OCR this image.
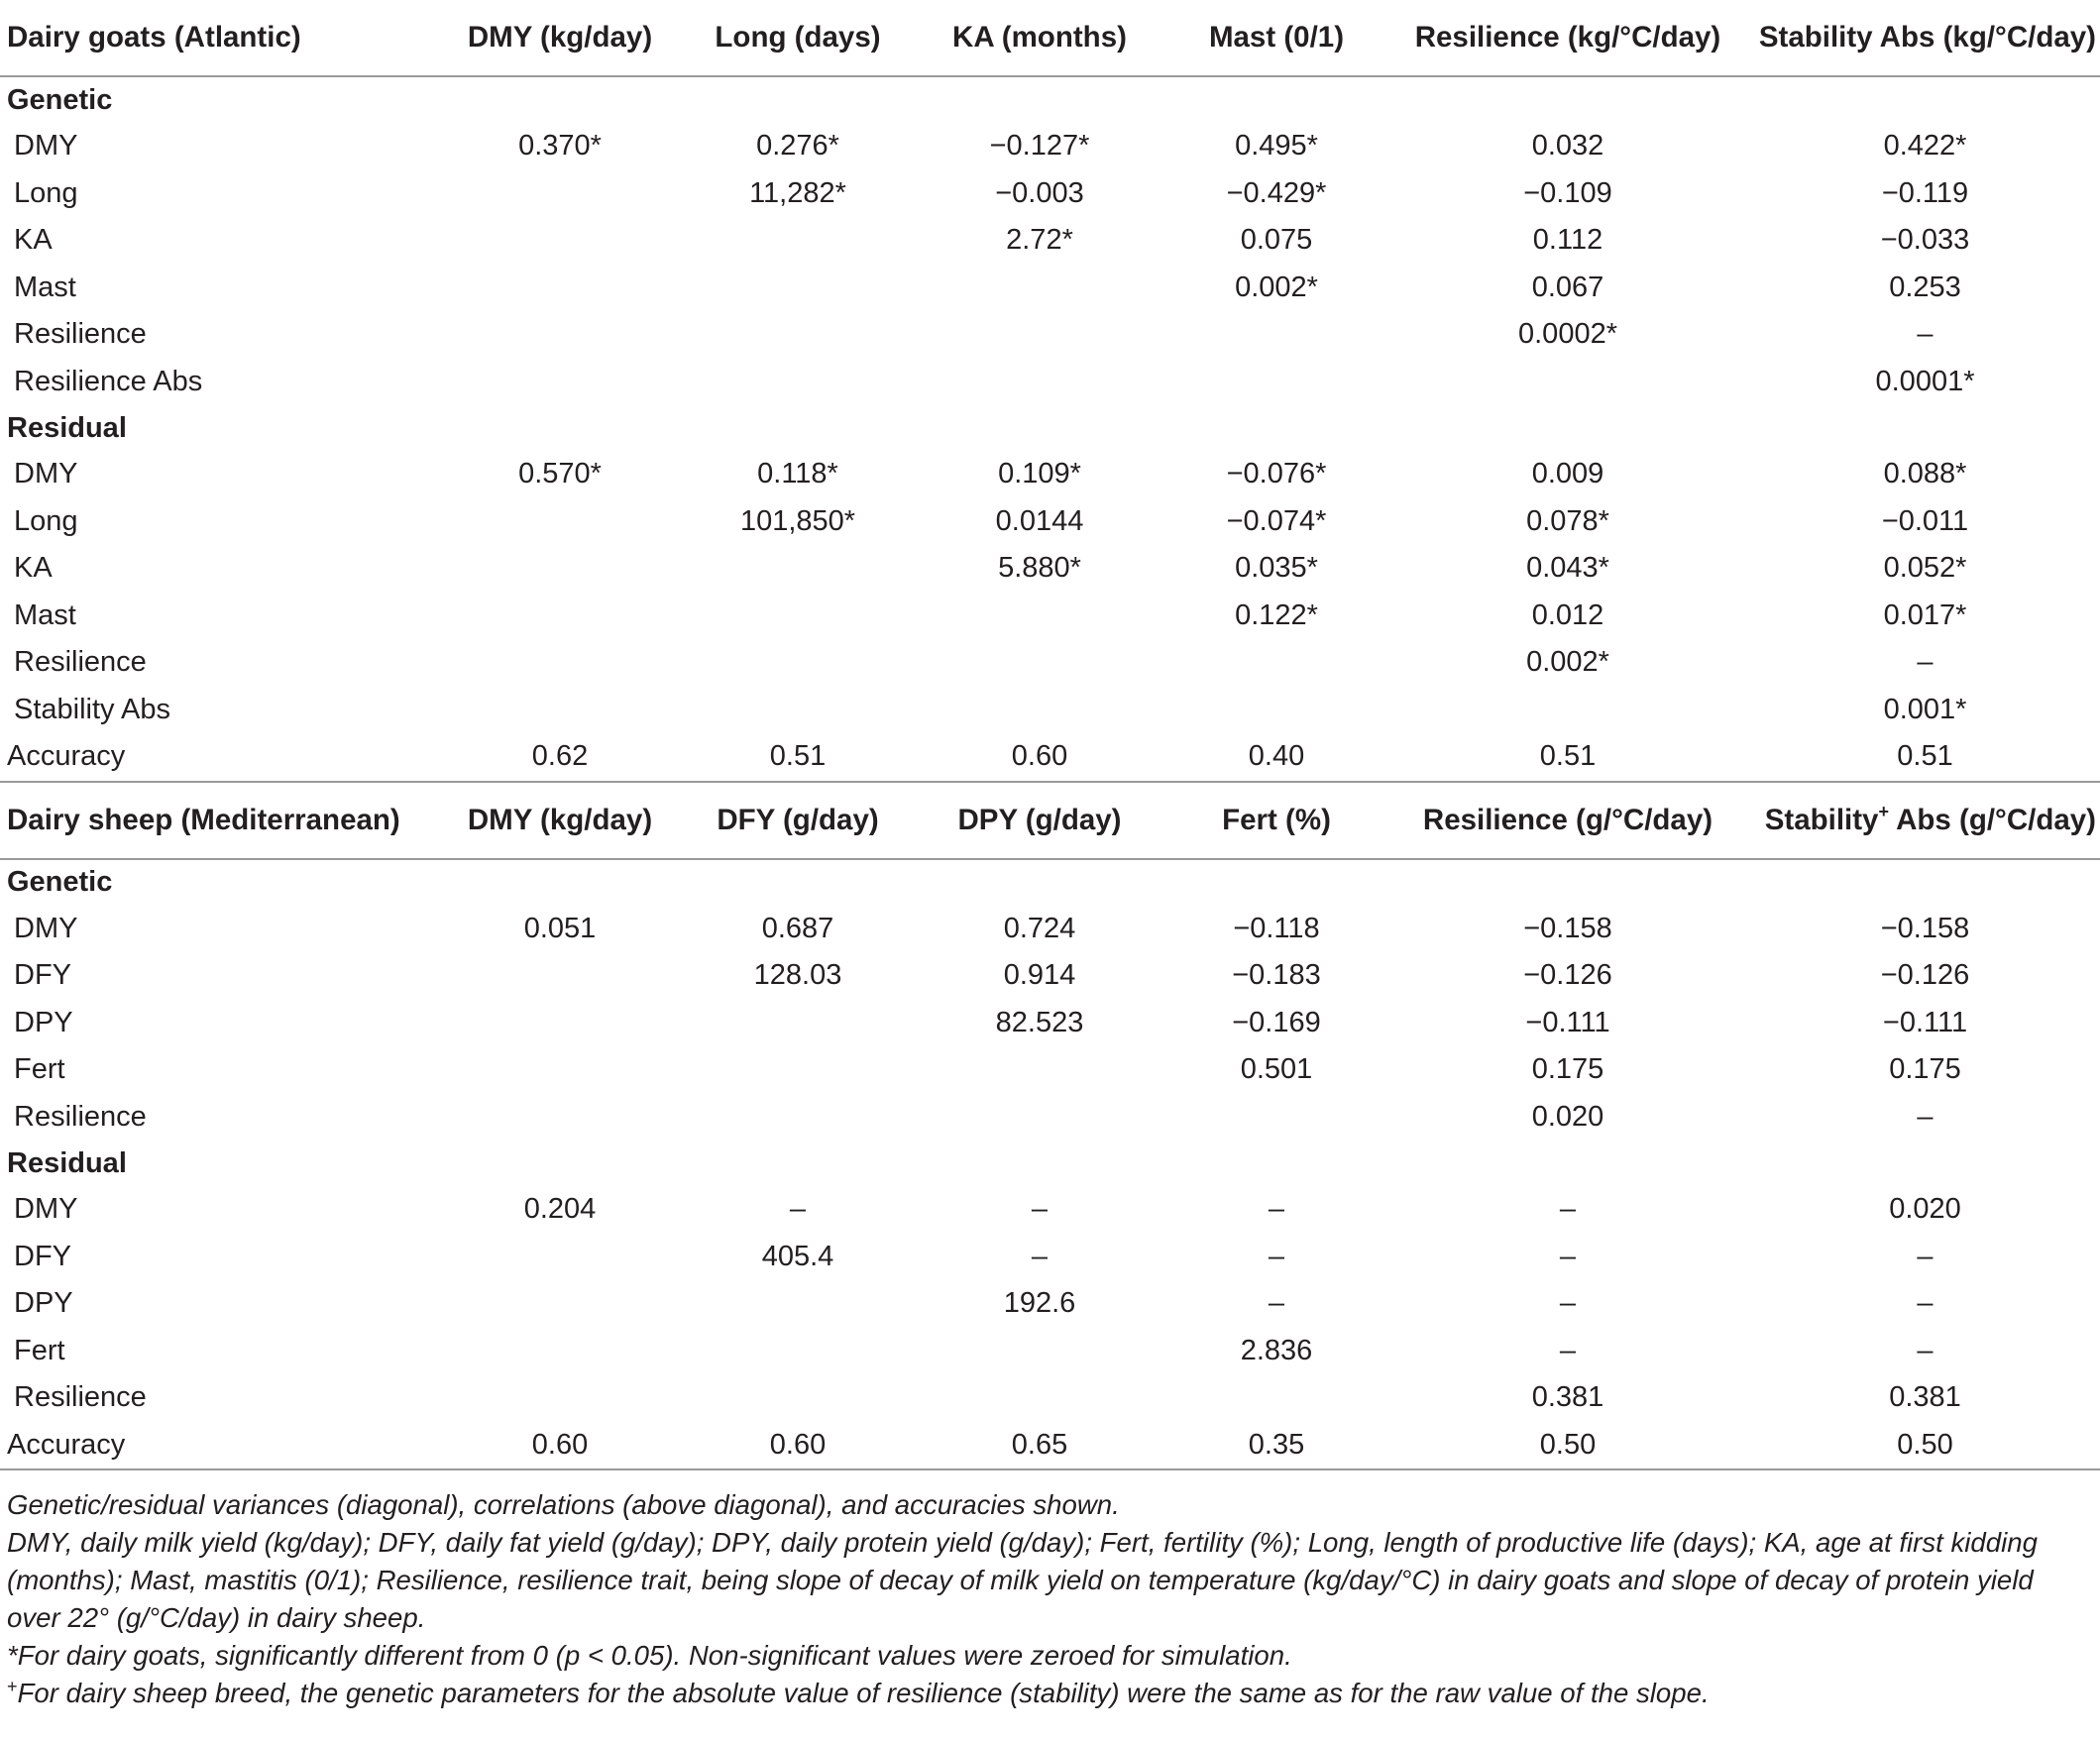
Dairy goats (Atlantic)	DMY (kg/day)	Long (days)	KA (months)	Mast (0/1)	Resilience (kg/°C/day)	Stability Abs (kg/°C/day)
Genetic						
DMY	0.370*	0.276*	−0.127*	0.495*	0.032	0.422*
Long		11,282*	−0.003	−0.429*	−0.109	−0.119
KA			2.72*	0.075	0.112	−0.033
Mast				0.002*	0.067	0.253
Resilience					0.0002*	–
Resilience Abs						0.0001*
Residual						
DMY	0.570*	0.118*	0.109*	−0.076*	0.009	0.088*
Long		101,850*	0.0144	−0.074*	0.078*	−0.011
KA			5.880*	0.035*	0.043*	0.052*
Mast				0.122*	0.012	0.017*
Resilience					0.002*	–
Stability Abs						0.001*
Accuracy	0.62	0.51	0.60	0.40	0.51	0.51
Dairy sheep (Mediterranean)	DMY (kg/day)	DFY (g/day)	DPY (g/day)	Fert (%)	Resilience (g/°C/day)	Stability+ Abs (g/°C/day)
Genetic						
DMY	0.051	0.687	0.724	−0.118	−0.158	−0.158
DFY		128.03	0.914	−0.183	−0.126	−0.126
DPY			82.523	−0.169	−0.111	−0.111
Fert				0.501	0.175	0.175
Resilience					0.020	–
Residual						
DMY	0.204	–	–	–	–	0.020
DFY		405.4	–	–	–	–
DPY			192.6	–	–	–
Fert				2.836	–	–
Resilience					0.381	0.381
Accuracy	0.60	0.60	0.65	0.35	0.50	0.50

Genetic/residual variances (diagonal), correlations (above diagonal), and accuracies shown.

DMY, daily milk yield (kg/day); DFY, daily fat yield (g/day); DPY, daily protein yield (g/day); Fert, fertility (%); Long, length of productive life (days); KA, age at first kidding (months); Mast, mastitis (0/1); Resilience, resilience trait, being slope of decay of milk yield on temperature (kg/day/°C) in dairy goats and slope of decay of protein yield over 22° (g/°C/day) in dairy sheep.

*For dairy goats, significantly different from 0 (p < 0.05). Non-significant values were zeroed for simulation.

+For dairy sheep breed, the genetic parameters for the absolute value of resilience (stability) were the same as for the raw value of the slope.
